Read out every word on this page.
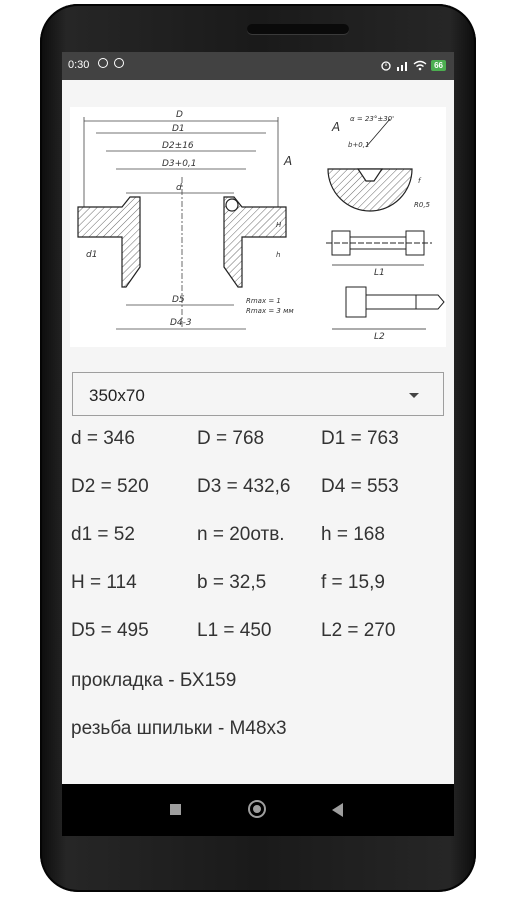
0:30	66
D
D1
D2±16
D3+0,1
d
A
d1
D5
D4-3
Rmax = 1
Rmax = 3 мм
A
α = 23°±30'
b+0,1
f
R0,5
L1
L2
h
H
350x70
d = 346	D = 768	D1 = 763
D2 = 520	D3 = 432,6 D4 = 553
d1 = 52	n = 20отв. h = 168
H = 114	b = 32,5	f = 15,9
D5 = 495	L1 = 450	L2 = 270
прокладка - БХ159
резьба шпильки - М48х3
